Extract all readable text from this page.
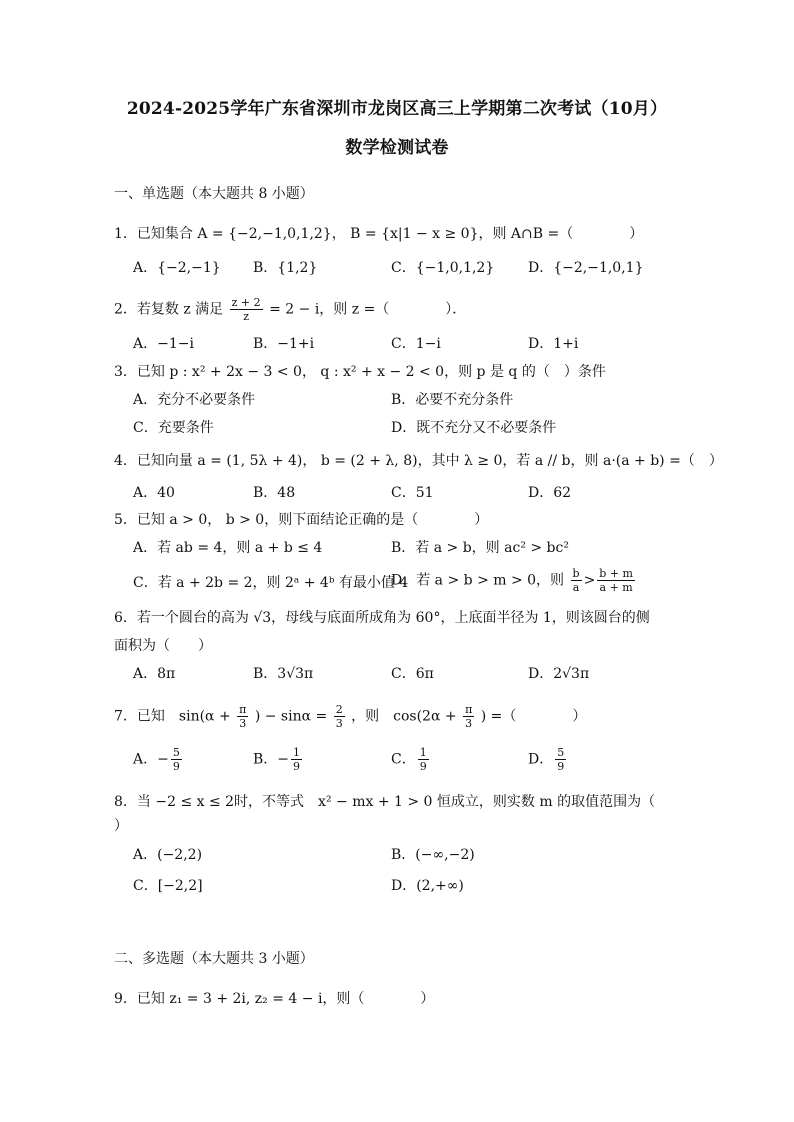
2024-2025学年广东省深圳市龙岗区高三上学期第二次考试（10月）
数学检测试卷
一、单选题（本大题共 8 小题）
1．已知集合 A = {−2,−1,0,1,2}， B = {x|1 − x ≥ 0}，则 A∩B =（　　　　）
A．{−2,−1} B．{1,2}	C．{−1,0,1,2} D．{−2,−1,0,1}
2．若复数 z 满足 $\frac{z + 2}{z} = 2 - i$，则 z =（　　　　）．
A．−1−i	B．−1+i	C．1−i	D．1+i
3．已知 p : x² + 2x − 3 < 0， q : x² + x − 2 < 0，则 p 是 q 的（　）条件
A．充分不必要条件	B．必要不充分条件
C．充要条件	D．既不充分又不必要条件
4．已知向量 a = (1, 5λ + 4)， b = (2 + λ, 8)，其中 λ ≥ 0，若 a // b，则 a·(a + b) =（　）
A．40	B．48	C．51	D．62
5．已知 a > 0， b > 0，则下面结论正确的是（　　　　）
A．若 ab = 4，则 a + b ≤ 4	B．若 a > b，则 ac² > bc²
C．若 a + 2b = 2，则 2ᵃ + 4ᵇ 有最小值 4
D．若 a > b > m > 0，则 $\frac{b}{a} > \frac{b + m}{a + m}$
6．若一个圆台的高为 √3，母线与底面所成角为 60°，上底面半径为 1，则该圆台的侧
面积为（　　）
A．8π	B．3√3π	C．6π	D．2√3π
7．已知　$\sin(\alpha + \frac{\pi}{3}$ ) − $\sin\alpha = \frac{2}{3}$ ，则　$\cos(2\alpha + \frac{\pi}{3}$ ) =（　　　　）
A．− $\frac{5}{9}$	B．− $\frac{1}{9}$	C． $\frac{1}{9}$	D． $\frac{5}{9}$
8．当 −2 ≤ x ≤ 2时，不等式　x² − mx + 1 > 0 恒成立，则实数 m 的取值范围为（
）
A．(−2,2)	B．(−∞,−2)
C．[−2,2]	D．(2,+∞)
二、多选题（本大题共 3 小题）
9．已知 z₁ = 3 + 2i, z₂ = 4 − i，则（　　　　）
